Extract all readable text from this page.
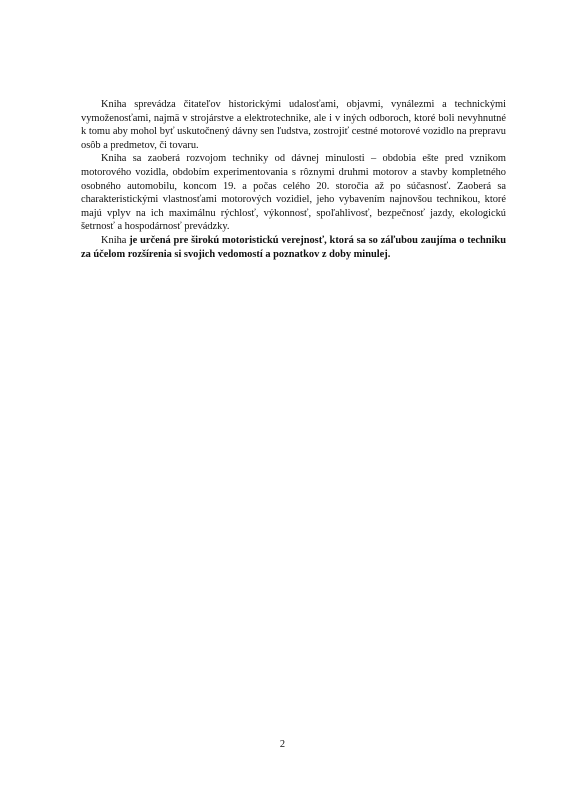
Kniha sprevádza čitateľov historickými udalosťami, objavmi, vynálezmi a technickými vymoženosťami, najmä v strojárstve a elektrotechnike, ale i v iných odboroch, ktoré boli nevyhnutné k tomu aby mohol byť uskutočnený dávny sen ľudstva, zostrojiť cestné motorové vozidlo na prepravu osôb a predmetov, či tovaru.

Kniha sa zaoberá rozvojom techniky od dávnej minulosti – obdobia ešte pred vznikom motorového vozidla, obdobím experimentovania s rôznymi druhmi motorov a stavby kompletného osobného automobilu, koncom 19. a počas celého 20. storočia až po súčasnosť. Zaoberá sa charakteristickými vlastnosťami motorových vozidiel, jeho vybavením najnovšou technikou, ktoré majú vplyv na ich maximálnu rýchlosť, výkonnosť, spoľahlivosť, bezpečnosť jazdy, ekologickú šetrnosť a hospodárnosť prevádzky.

Kniha je určená pre širokú motoristickú verejnosť, ktorá sa so záľubou zaujíma o techniku za účelom rozšírenia si svojich vedomostí a poznatkov z doby minulej.

2
